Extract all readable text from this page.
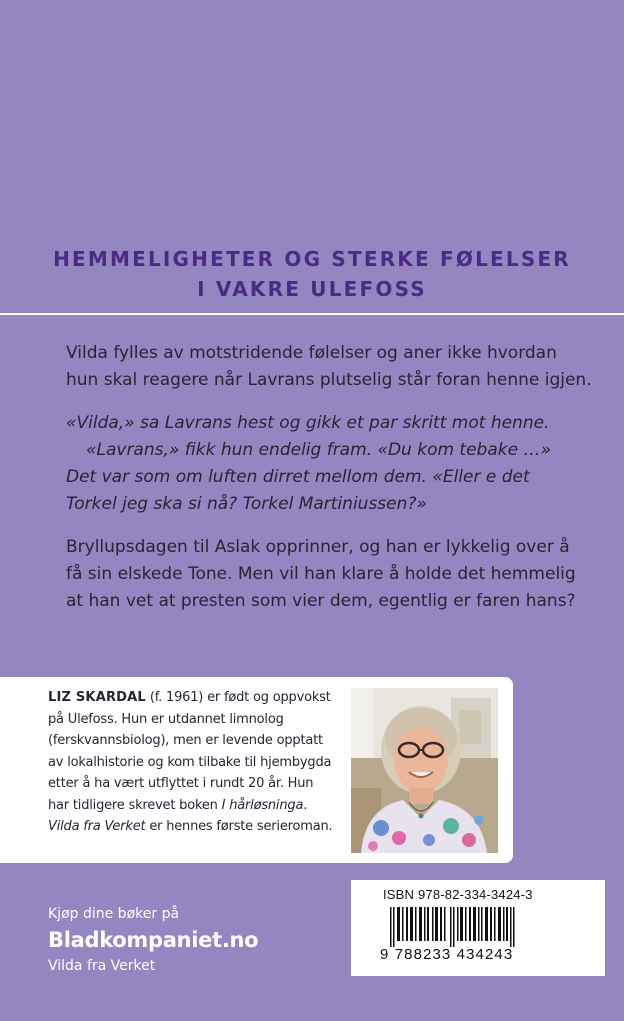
HEMMELIGHETER OG STERKE FØLELSER
I VAKRE ULEFOSS

Vilda fylles av motstridende følelser og aner ikke hvordan
hun skal reagere når Lavrans plutselig står foran henne igjen.

«Vilda,» sa Lavrans hest og gikk et par skritt mot henne.
«Lavrans,» fikk hun endelig fram. «Du kom tebake …»
Det var som om luften dirret mellom dem. «Eller e det
Torkel jeg ska si nå? Torkel Martiniussen?»

Bryllupsdagen til Aslak opprinner, og han er lykkelig over å
få sin elskede Tone. Men vil han klare å holde det hemmelig
at han vet at presten som vier dem, egentlig er faren hans?

LIZ SKARDAL (f. 1961) er født og oppvokst
på Ulefoss. Hun er utdannet limnolog
(ferskvannsbiolog), men er levende opptatt
av lokalhistorie og kom tilbake til hjembygda
etter å ha vært utflyttet i rundt 20 år. Hun
har tidligere skrevet boken I hårløsninga.
Vilda fra Verket er hennes første serieroman.
ISBN 978-82-334-3424-3
9 788233 434243
Kjøp dine bøker på
Bladkompaniet.no
Vilda fra Verket
